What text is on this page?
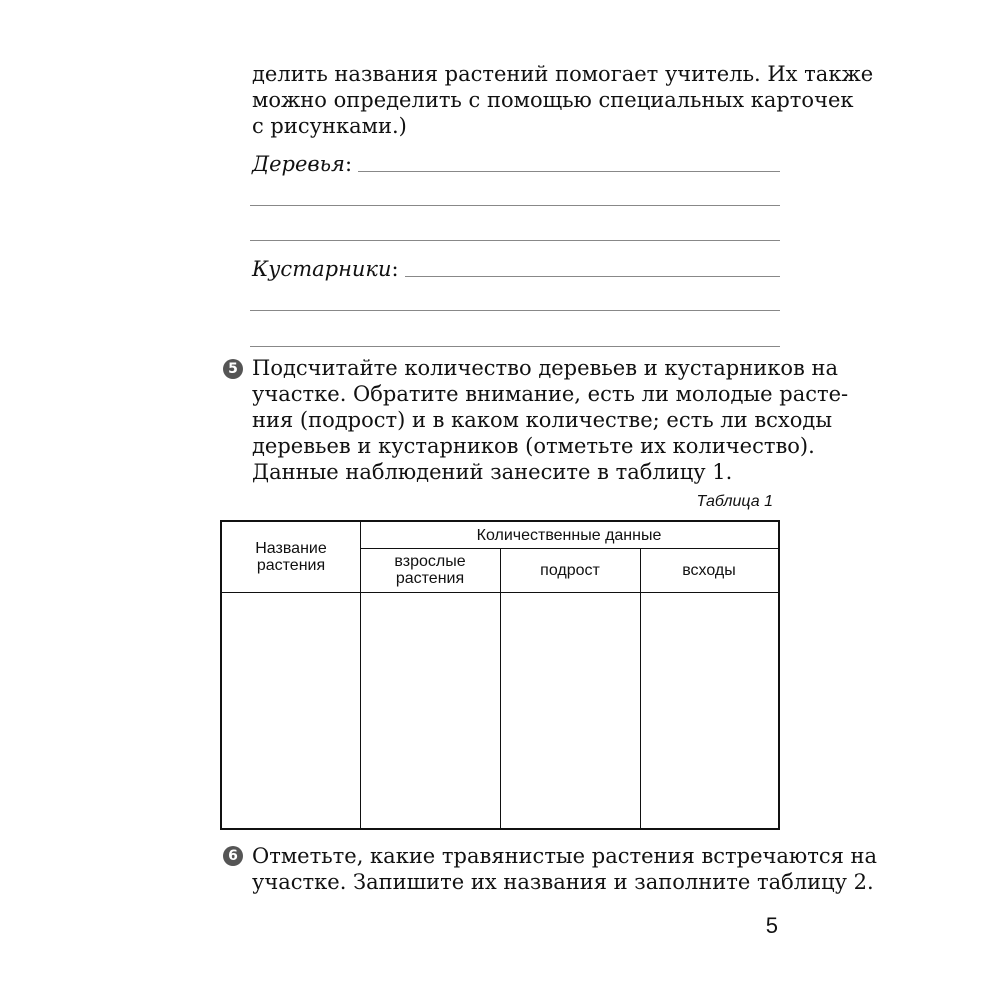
делить названия растений помогает учитель. Их также
можно определить с помощью специальных карточек
с рисунками.)
Деревья :
Кустарники :
5 Подсчитайте количество деревьев и кустарников на
участке. Обратите внимание, есть ли молодые расте-
ния (подрост) и в каком количестве; есть ли всходы
деревьев и кустарников (отметьте их количество).
Данные наблюдений занесите в таблицу 1.
Таблица 1
Название
растения
Количественные данные
взрослые
растения	подрост	всходы
6 Отметьте, какие травянистые растения встречаются на
участке. Запишите их названия и заполните таблицу 2.
5
